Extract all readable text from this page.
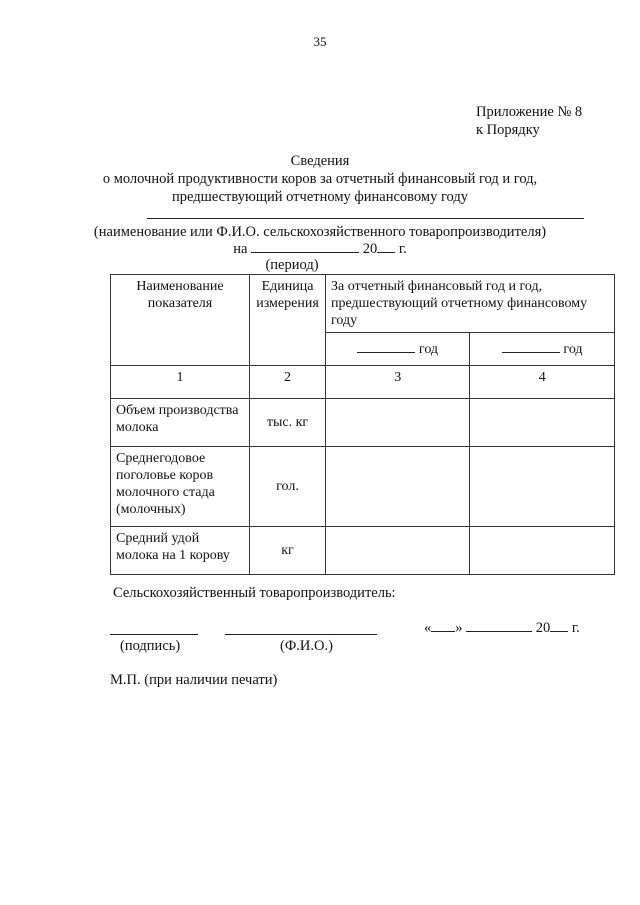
35
Приложение № 8
к Порядку
Сведения
о молочной продуктивности коров за отчетный финансовый год и год,
предшествующий отчетному финансовому году
(наименование или Ф.И.О. сельскохозяйственного товаропроизводителя)
на	20 г.
(период)
Наименование показателя	Единица измерения	За отчетный финансовый год и год, предшествующий отчетному финансовому году	
		год	год
1	2	3	4
Объем производства молока	тыс. кг		
Среднегодовое поголовье коров молочного стада (молочных)	гол.		
Средний удой молока на 1 корову	кг		
Сельскохозяйственный товаропроизводитель:
(подпись)	(Ф.И.О.)
« »	20 г.
М.П. (при наличии печати)
